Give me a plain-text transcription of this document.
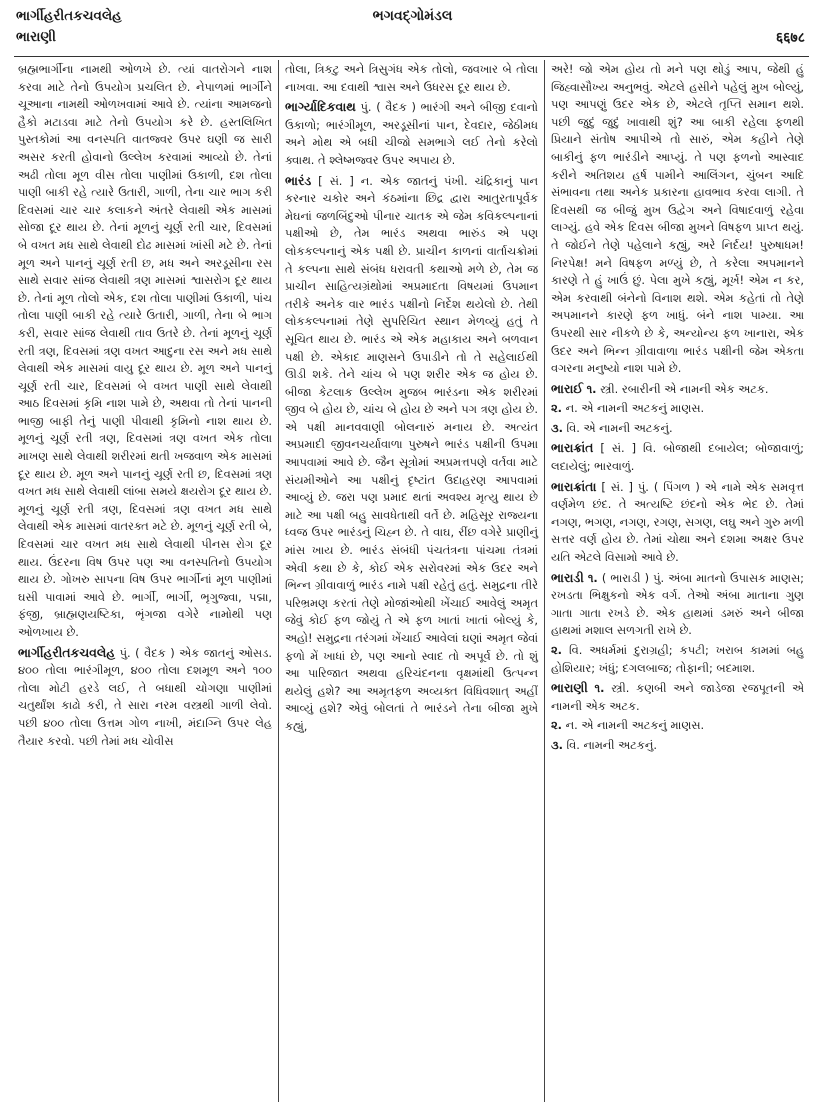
ભાર્ગીહરીતકચવલેહ
ભારાણી
ભગવદ્ગોમંડલ
६६७८

બ્રહ્મભાર્ગીના નામથી ઓળખે છે. ત્યાં વાતરોગને નાશ કરવા માટે તેનો ઉપયોગ પ્રચલિત છે. નેપાળમાં ભાર્ગીને ચૂઆના નામથી ઓળખવામાં આવે છે. ત્યાંના આમજનો હૈકો મટાડવા માટે તેનો ઉપયોગ કરે છે. હસ્તલિખિત પુસ્તકોમાં આ વનસ્પતિ વાતજ્વર ઉપર ઘણી જ સારી અસર કરતી હોવાનો ઉલ્લેખ કરવામાં આવ્યો છે. તેનાં અઢી તોલા મૂળ વીસ તોલા પાણીમાં ઉકાળી, દશ તોલા પાણી બાકી રહે ત્યારે ઉતારી, ગાળી, તેના ચાર ભાગ કરી દિવસમાં ચાર ચાર કલાકને અંતરે લેવાથી એક માસમાં સોજા દૂર થાય છે. તેનાં મૂળનું ચૂર્ણ રતી ચાર, દિવસમાં બે વખત મધ સાથે લેવાથી દોઢ માસમાં ખાંસી મટે છે. તેનાં મૂળ અને પાનનું ચૂર્ણ રતી છ, મધ અને અરડૂસીના રસ સાથે સવાર સાંજ લેવાથી ત્રણ માસમાં શ્વાસરોગ દૂર થાય છે. તેનાં મૂળ તોલો એક, દશ તોલા પાણીમાં ઉકાળી, પાંચ તોલા પાણી બાકી રહે ત્યારે ઉતારી, ગાળી, તેના બે ભાગ કરી, સવાર સાંજ લેવાથી તાવ ઉતરે છે. તેનાં મૂળનું ચૂર્ણ રતી ત્રણ, દિવસમાં ત્રણ વખત આદુના રસ અને મધ સાથે લેવાથી એક માસમાં વાયુ દૂર થાય છે. મૂળ અને પાનનું ચૂર્ણ રતી ચાર, દિવસમાં બે વખત પાણી સાથે લેવાથી આઠ દિવસમાં કૃમિ નાશ પામે છે, અથવા તો તેનાં પાનની ભાજી બાફી તેનું પાણી પીવાથી કૃમિનો નાશ થાય છે. મૂળનું ચૂર્ણ રતી ત્રણ, દિવસમાં ત્રણ વખત એક તોલા માખણ સાથે લેવાથી શરીરમાં થતી ખજવાળ એક માસમાં દૂર થાય છે. મૂળ અને પાનનું ચૂર્ણ રતી છ, દિવસમાં ત્રણ વખત મધ સાથે લેવાથી લાંબા સમયે ક્ષયરોગ દૂર થાય છે. મૂળનું ચૂર્ણ રતી ત્રણ, દિવસમાં ત્રણ વખત મધ સાથે લેવાથી એક માસમાં વાતરક્ત મટે છે. મૂળનું ચૂર્ણ રતી બે, દિવસમાં ચાર વખત મધ સાથે લેવાથી પીનસ રોગ દૂર થાય. ઉંદરના વિષ ઉપર પણ આ વનસ્પતિનો ઉપયોગ થાય છે. ગોખરુ સાપના વિષ ઉપર ભાર્ગીનાં મૂળ પાણીમાં ઘસી પાવામાં આવે છે. ભાર્ગી, ભાર્ગી, ભૃગુજ્વા, પદ્મા, ફંજી, બ્રાહ્મણયષ્ટિકા, ભૃંગજા વગેરે નામોથી પણ ઓળખાય છે.

ભાર્ગીહરીતકચવલેહ પું. ( વૈદક ) એક જાતનું ઓસડ. ૪૦૦ તોલા ભારંગીમૂળ, ૪૦૦ તોલા દશમૂળ અને ૧૦૦ તોલા મોટી હરડે લઈ, તે બધાથી ચોગણા પાણીમાં ચતુર્થાંશ કાઢો કરી, તે સારા નરમ વસ્ત્રથી ગાળી લેવો. પછી ૪૦૦ તોલા ઉત્તમ ગોળ નાખી, મંદાગ્નિ ઉપર લેહ તૈયાર કરવો. પછી તેમાં મધ ચોવીસ

તોલા, ત્રિકટુ અને ત્રિસુગંધ એક તોલો, જવખાર બે તોલા નાખવા. આ દવાથી શ્વાસ અને ઉધરસ દૂર થાય છે.

ભાર્ગ્યાદિકવાથ પું. ( વૈદક ) ભારંગી અને બીજી દવાનો ઉકાળો; ભારંગીમૂળ, અરડૂસીનાં પાન, દેવદાર, જેઠીમધ અને મોથ એ બધી ચીજો સમભાગે લઈ તેનો કરેલો ક્વાથ. તે શ્લેષ્મજ્વર ઉપર અપાય છે.

ભારંડ [ સં. ] ન. એક જાતનું પંખી. ચંદ્રિકાનું પાન કરનાર ચકોર અને કંઠમાંના છિદ્ર દ્વારા આતુરતાપૂર્વક મેઘનાં જળબિંદુઓ પીનાર ચાતક એ જેમ કવિકલ્પનાનાં પક્ષીઓ છે, તેમ ભારંડ અથવા ભારુંડ એ પણ લોકકલ્પનાનું એક પક્ષી છે. પ્રાચીન કાળનાં વાર્તાચક્રોમાં તે કલ્પના સાથે સંબંધ ધરાવતી કથાઓ મળે છે, તેમ જ પ્રાચીન સાહિત્યગ્રંથોમાં અપ્રમાદતા વિષયમાં ઉપમાન તરીકે અનેક વાર ભારંડ પક્ષીનો નિર્દેશ થયેલો છે. તેથી લોકકલ્પનામાં તેણે સુપરિચિત સ્થાન મેળવ્યું હતું તે સૂચિત થાય છે. ભારંડ એ એક મહાકાય અને બળવાન પક્ષી છે. એકાદ માણસને ઉપાડીને તો તે સહેલાઈથી ઊડી શકે. તેને ચાંચ બે પણ શરીર એક જ હોય છે. બીજા કેટલાક ઉલ્લેખ મુજબ ભારંડના એક શરીરમાં જીવ બે હોય છે, ચાંચ બે હોય છે અને પગ ત્રણ હોય છે. એ પક્ષી માનવવાણી બોલનારું મનાય છે. અત્યંત અપ્રમાદી જીવનચર્યાવાળા પુરુષને ભારંડ પક્ષીની ઉપમા આપવામાં આવે છે. જૈન સૂત્રોમાં અપ્રમત્તપણે વર્તવા માટે સંયમીઓને આ પક્ષીનું દૃષ્ટાંત ઉદાહરણ આપવામાં આવ્યું છે. જરા પણ પ્રમાદ થતાં અવશ્ય મૃત્યુ થાય છે માટે આ પક્ષી બહુ સાવધેતાથી વર્તે છે. મહિસૂર રાજ્યના ધ્વજ ઉપર ભારંડનું ચિહ્ન છે. તે વાઘ, રીંછ વગેરે પ્રાણીનું માંસ ખાય છે. ભારંડ સંબંધી પંચતંત્રના પાંચમા તંત્રમાં એવી કથા છે કે, કોઈ એક સરોવરમાં એક ઉદર અને ભિન્ન ગ્રીવાવાળું ભારંડ નામે પક્ષી રહેતું હતું. સમુદ્રના તીરે પરિભ્રમણ કરતાં તેણે મોજાંઓથી ખેંચાઈ આવેલું અમૃત જેવું કોઈ ફળ જોયું તે એ ફળ ખાતાં ખાતાં બોલ્યું કે, અહો! સમુદ્રના તરંગમાં ખેંચાઈ આવેલાં ઘણાં અમૃત જેવાં ફળો મેં ખાધાં છે, પણ આનો સ્વાદ તો અપૂર્વ છે. તો શું આ પારિજાત અથવા હરિચંદનના વૃક્ષમાંથી ઉત્પન્ન થયેલું હશે? આ અમૃતફળ અવ્યક્ત વિધિવશાત્ અહીં આવ્યું હશે? એવું બોલતાં તે ભારંડને તેના બીજા મુખે કહ્યું,

અરે! જો એમ હોય તો મને પણ થોડું આપ, જેથી હું જિહ્વાસૌખ્ય અનુભવું. એટલે હસીને પહેલું મુખ બોલ્યું, પણ આપણું ઉદર એક છે, એટલે તૃપ્તિ સમાન થશે. પછી જુદું જુદું ખાવાથી શું? આ બાકી રહેલા ફળથી પ્રિયાને સંતોષ આપીએ તો સારું, એમ કહીને તેણે બાકીનું ફળ ભારંડીને આપ્યું. તે પણ ફળનો આસ્વાદ કરીને અતિશય હર્ષ પામીને આલિંગન, ચુંબન આદિ સંભાવના તથા અનેક પ્રકારના હાવભાવ કરવા લાગી. તે દિવસથી જ બીજું મુખ ઉદ્વેગ અને વિષાદવાળું રહેવા લાગ્યું. હવે એક દિવસ બીજા મુખને વિષફળ પ્રાપ્ત થયું. તે જોઈને તેણે પહેલાને કહ્યું, અરે નિર્દય! પુરુષાધમ! નિરપેક્ષ! મને વિષફળ મળ્યું છે, તે કરેલા અપમાનને કારણે તે હું ખાઉં છું. પેલા મુખે કહ્યું, મૂર્ખ! એમ ન કર, એમ કરવાથી બંનેનો વિનાશ થશે. એમ કહેતાં તો તેણે અપમાનને કારણે ફળ ખાધું. બંને નાશ પામ્યા. આ ઉપરથી સાર નીકળે છે કે, અન્યોન્ય ફળ ખાનારા, એક ઉદર અને ભિન્ન ગ્રીવાવાળા ભારંડ પક્ષીની જેમ એકતા વગરના મનુષ્યો નાશ પામે છે.

ભારાઈ ૧. સ્ત્રી. રબારીની એ નામની એક અટક.

૨. ન. એ નામની અટકનું માણસ.

૩. વિ. એ નામની અટકનું.

ભારાક્રાંત [ સં. ] વિ. બોજાથી દબાયેલ; બોજાવાળું; લદાયેલું; ભારવાળું.

ભારાક્રાંતા [ સં. ] પું. ( પિંગળ ) એ નામે એક સમવૃત્ત વર્ણમેળ છંદ. તે અત્યષ્ટિ છંદનો એક ભેદ છે. તેમાં નગણ, ભગણ, નગણ, રગણ, સગણ, લઘુ અને ગુરુ મળી સત્તર વર્ણ હોય છે. તેમાં ચોથા અને દશમા અક્ષર ઉપર યતિ એટલે વિસામો આવે છે.

ભારાડી ૧. ( ભારાડી ) પું. અંબા માતનો ઉપાસક માણસ; રખડતા ભિક્ષુકનો એક વર્ગ. તેઓ અંબા માતાના ગુણ ગાતા ગાતા રખડે છે. એક હાથમાં ડમરું અને બીજા હાથમાં મશાલ સળગતી રાખે છે.

૨. વિ. અધર્મમાં દુરાગ્રહી; કપટી; ખરાબ કામમાં બહુ હોશિયાર; ખંધું; દગલબાજ; તોફાની; બદમાશ.

ભારાણી ૧. સ્ત્રી. કણબી અને જાડેજા રજપૂતની એ નામની એક અટક.

૨. ન. એ નામની અટકનું માણસ.

૩. વિ. નામની અટકનું.
